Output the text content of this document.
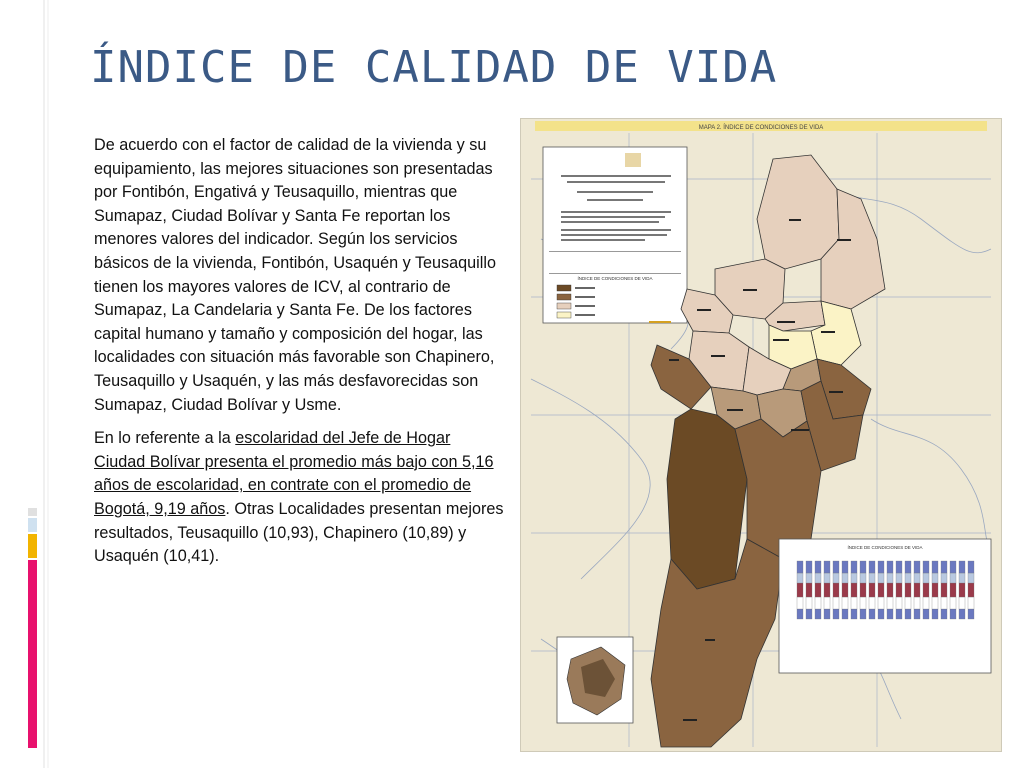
ÍNDICE DE CALIDAD DE VIDA

De acuerdo con el factor de calidad de la vivienda y su equipamiento, las mejores situaciones son presentadas por Fontibón, Engativá y Teusaquillo, mientras que Sumapaz, Ciudad Bolívar y Santa Fe reportan los menores valores del indicador. Según los servicios básicos de la vivienda, Fontibón, Usaquén y Teusaquillo tienen los mayores valores de ICV, al contrario de Sumapaz, La Candelaria y Santa Fe. De los factores capital humano y tamaño y composición del hogar, las localidades con situación más favorable son Chapinero, Teusaquillo y Usaquén, y las más desfavorecidas son Sumapaz, Ciudad Bolívar y Usme.

En lo referente a la escolaridad del Jefe de Hogar Ciudad Bolívar presenta el promedio más bajo con 5,16 años de escolaridad, en contrate con el promedio de Bogotá, 9,19 años. Otras Localidades presentan mejores resultados, Teusaquillo (10,93), Chapinero (10,89) y Usaquén (10,41).

MAPA 2. ÍNDICE DE CONDICIONES DE VIDA
ÍNDICE DE CONDICIONES DE VIDA
ÍNDICE DE CONDICIONES DE VIDA
